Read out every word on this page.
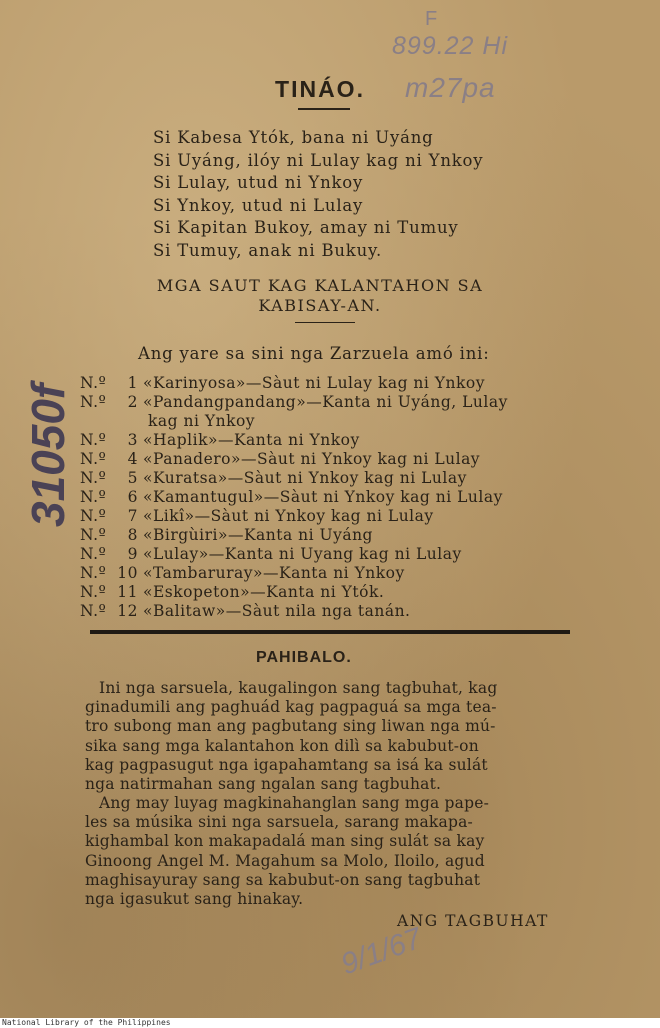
F
899.22 Hi
m27pa
31050f
9/1/67
TINÁO.
Si Kabesa Ytók, bana ni Uyáng
Si Uyáng, ilóy ni Lulay kag ni Ynkoy
Si Lulay, utud ni Ynkoy
Si Ynkoy, utud ni Lulay
Si Kapitan Bukoy, amay ni Tumuy
Si Tumuy, anak ni Bukuy.
MGA SAUT KAG KALANTAHON SA
KABISAY-AN.
Ang yare sa sini nga Zarzuela amó ini:
N.º	1 «Karinyosa»—Sàut ni Lulay kag ni Ynkoy
N.º	2 «Pandangpandang»—Kanta ni Uyáng, Lulay
kag ni Ynkoy
N.º	3 «Haplik»—Kanta ni Ynkoy
N.º	4 «Panadero»—Sàut ni Ynkoy kag ni Lulay
N.º	5 «Kuratsa»—Sàut ni Ynkoy kag ni Lulay
N.º	6 «Kamantugul»—Sàut ni Ynkoy kag ni Lulay
N.º	7 «Likî»—Sàut ni Ynkoy kag ni Lulay
N.º	8 «Birgùiri»—Kanta ni Uyáng
N.º	9 «Lulay»—Kanta ni Uyang kag ni Lulay
N.º 10 «Tambaruray»—Kanta ni Ynkoy
N.º 11 «Eskopeton»—Kanta ni Ytók.
N.º 12 «Balitaw»—Sàut nila nga tanán.
PAHIBALO.
Ini nga sarsuela, kaugalingon sang tagbuhat, kag
ginadumili ang paghuád kag pagpaguá sa mga tea-
tro subong man ang pagbutang sing liwan nga mú-
sika sang mga kalantahon kon dilì sa kabubut-on
kag pagpasugut nga igapahamtang sa isá ka sulát
nga natirmahan sang ngalan sang tagbuhat.
Ang may luyag magkinahanglan sang mga pape-
les sa músika sini nga sarsuela, sarang makapa-
kighambal kon makapadalá man sing sulát sa kay
Ginoong Angel M. Magahum sa Molo, Iloilo, agud
maghisayuray sang sa kabubut-on sang tagbuhat
nga igasukut sang hinakay.
ANG TAGBUHAT
National Library of the Philippines
